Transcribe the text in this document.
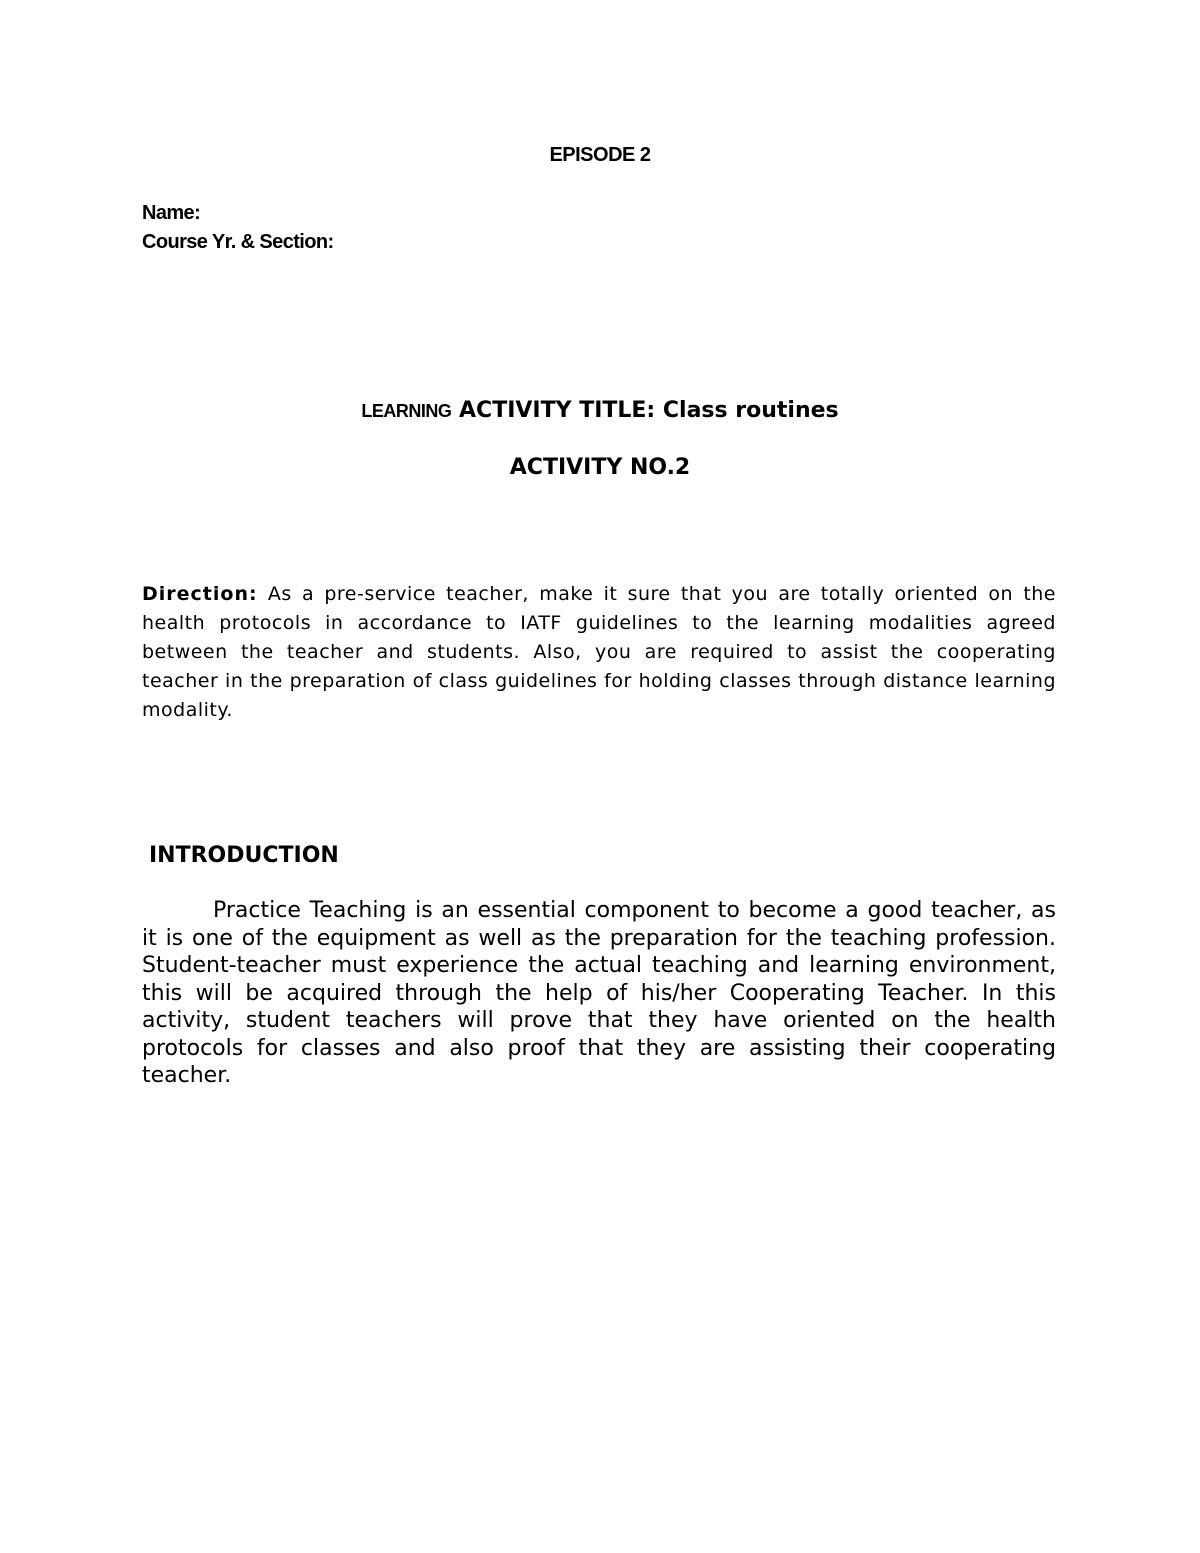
EPISODE 2
Name:
Course Yr. & Section:
LEARNING ACTIVITY TITLE: Class routines
ACTIVITY NO.2
Direction: As a pre-service teacher, make it sure that you are totally oriented on the health protocols in accordance to IATF guidelines to the learning modalities agreed between the teacher and students. Also, you are required to assist the cooperating teacher in the preparation of class guidelines for holding classes through distance learning modality.
INTRODUCTION
Practice Teaching is an essential component to become a good teacher, as it is one of the equipment as well as the preparation for the teaching profession. Student-teacher must experience the actual teaching and learning environment, this will be acquired through the help of his/her Cooperating Teacher. In this activity, student teachers will prove that they have oriented on the health protocols for classes and also proof that they are assisting their cooperating teacher.
